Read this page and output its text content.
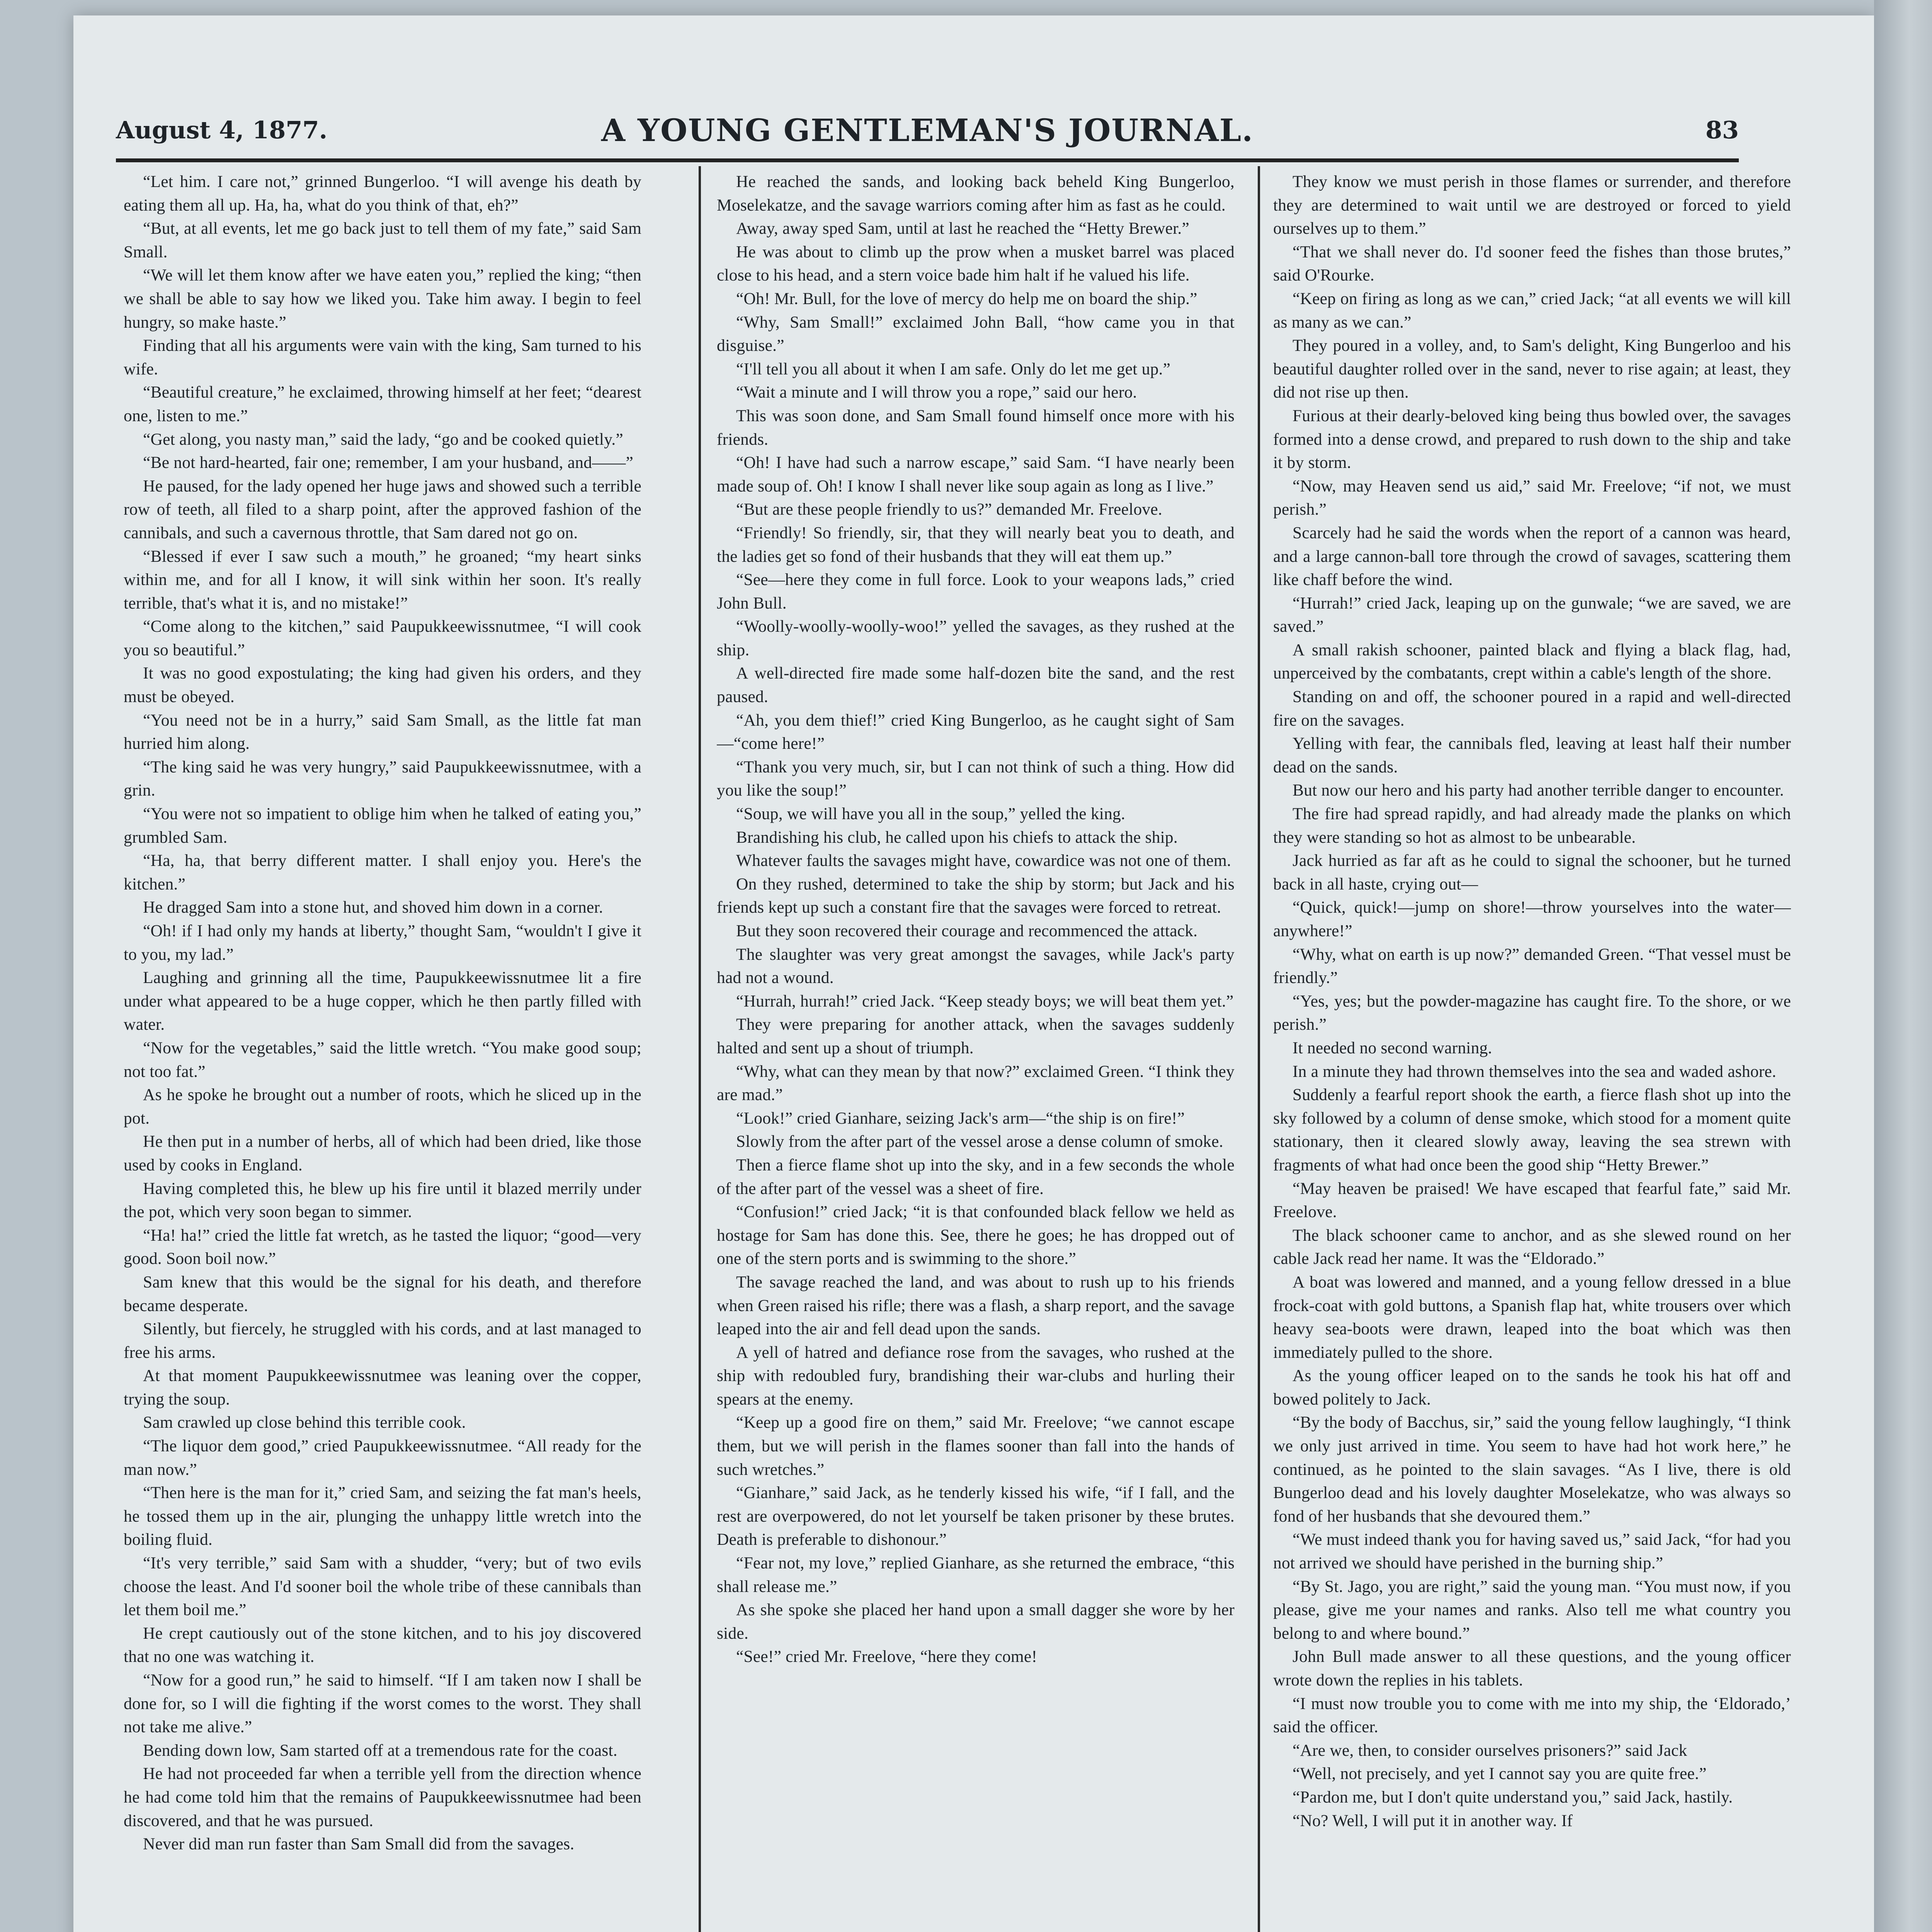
August 4, 1877.	A YOUNG GENTLEMAN'S JOURNAL.	83

“Let him. I care not,” grinned Bungerloo. “I will avenge his death by eating them all up. Ha, ha, what do you think of that, eh?”

“But, at all events, let me go back just to tell them of my fate,” said Sam Small.

“We will let them know after we have eaten you,” replied the king; “then we shall be able to say how we liked you. Take him away. I begin to feel hungry, so make haste.”

Finding that all his arguments were vain with the king, Sam turned to his wife.

“Beautiful creature,” he exclaimed, throwing himself at her feet; “dearest one, listen to me.”

“Get along, you nasty man,” said the lady, “go and be cooked quietly.”

“Be not hard-hearted, fair one; remember, I am your husband, and——”

He paused, for the lady opened her huge jaws and showed such a terrible row of teeth, all filed to a sharp point, after the approved fashion of the cannibals, and such a cavernous throttle, that Sam dared not go on.

“Blessed if ever I saw such a mouth,” he groaned; “my heart sinks within me, and for all I know, it will sink within her soon. It's really terrible, that's what it is, and no mistake!”

“Come along to the kitchen,” said Paupukkeewissnutmee, “I will cook you so beautiful.”

It was no good expostulating; the king had given his orders, and they must be obeyed.

“You need not be in a hurry,” said Sam Small, as the little fat man hurried him along.

“The king said he was very hungry,” said Paupukkeewissnutmee, with a grin.

“You were not so impatient to oblige him when he talked of eating you,” grumbled Sam.

“Ha, ha, that berry different matter. I shall enjoy you. Here's the kitchen.”

He dragged Sam into a stone hut, and shoved him down in a corner.

“Oh! if I had only my hands at liberty,” thought Sam, “wouldn't I give it to you, my lad.”

Laughing and grinning all the time, Paupukkeewissnutmee lit a fire under what appeared to be a huge copper, which he then partly filled with water.

“Now for the vegetables,” said the little wretch. “You make good soup; not too fat.”

As he spoke he brought out a number of roots, which he sliced up in the pot.

He then put in a number of herbs, all of which had been dried, like those used by cooks in England.

Having completed this, he blew up his fire until it blazed merrily under the pot, which very soon began to simmer.

“Ha! ha!” cried the little fat wretch, as he tasted the liquor; “good—very good. Soon boil now.”

Sam knew that this would be the signal for his death, and therefore became desperate.

Silently, but fiercely, he struggled with his cords, and at last managed to free his arms.

At that moment Paupukkeewissnutmee was leaning over the copper, trying the soup.

Sam crawled up close behind this terrible cook.

“The liquor dem good,” cried Paupukkeewissnutmee. “All ready for the man now.”

“Then here is the man for it,” cried Sam, and seizing the fat man's heels, he tossed them up in the air, plunging the unhappy little wretch into the boiling fluid.

“It's very terrible,” said Sam with a shudder, “very; but of two evils choose the least. And I'd sooner boil the whole tribe of these cannibals than let them boil me.”

He crept cautiously out of the stone kitchen, and to his joy discovered that no one was watching it.

“Now for a good run,” he said to himself. “If I am taken now I shall be done for, so I will die fighting if the worst comes to the worst. They shall not take me alive.”

Bending down low, Sam started off at a tremendous rate for the coast.

He had not proceeded far when a terrible yell from the direction whence he had come told him that the remains of Paupukkeewissnutmee had been discovered, and that he was pursued.

Never did man run faster than Sam Small did from the savages.

He reached the sands, and looking back beheld King Bungerloo, Moselekatze, and the savage warriors coming after him as fast as he could.

Away, away sped Sam, until at last he reached the “Hetty Brewer.”

He was about to climb up the prow when a musket barrel was placed close to his head, and a stern voice bade him halt if he valued his life.

“Oh! Mr. Bull, for the love of mercy do help me on board the ship.”

“Why, Sam Small!” exclaimed John Ball, “how came you in that disguise.”

“I'll tell you all about it when I am safe. Only do let me get up.”

“Wait a minute and I will throw you a rope,” said our hero.

This was soon done, and Sam Small found himself once more with his friends.

“Oh! I have had such a narrow escape,” said Sam. “I have nearly been made soup of. Oh! I know I shall never like soup again as long as I live.”

“But are these people friendly to us?” demanded Mr. Freelove.

“Friendly! So friendly, sir, that they will nearly beat you to death, and the ladies get so fond of their husbands that they will eat them up.”

“See—here they come in full force. Look to your weapons lads,” cried John Bull.

“Woolly-woolly-woolly-woo!” yelled the savages, as they rushed at the ship.

A well-directed fire made some half-dozen bite the sand, and the rest paused.

“Ah, you dem thief!” cried King Bungerloo, as he caught sight of Sam—“come here!”

“Thank you very much, sir, but I can not think of such a thing. How did you like the soup!”

“Soup, we will have you all in the soup,” yelled the king.

Brandishing his club, he called upon his chiefs to attack the ship.

Whatever faults the savages might have, cowardice was not one of them.

On they rushed, determined to take the ship by storm; but Jack and his friends kept up such a constant fire that the savages were forced to retreat.

But they soon recovered their courage and recommenced the attack.

The slaughter was very great amongst the savages, while Jack's party had not a wound.

“Hurrah, hurrah!” cried Jack. “Keep steady boys; we will beat them yet.”

They were preparing for another attack, when the savages suddenly halted and sent up a shout of triumph.

“Why, what can they mean by that now?” exclaimed Green. “I think they are mad.”

“Look!” cried Gianhare, seizing Jack's arm—“the ship is on fire!”

Slowly from the after part of the vessel arose a dense column of smoke.

Then a fierce flame shot up into the sky, and in a few seconds the whole of the after part of the vessel was a sheet of fire.

“Confusion!” cried Jack; “it is that confounded black fellow we held as hostage for Sam has done this. See, there he goes; he has dropped out of one of the stern ports and is swimming to the shore.”

The savage reached the land, and was about to rush up to his friends when Green raised his rifle; there was a flash, a sharp report, and the savage leaped into the air and fell dead upon the sands.

A yell of hatred and defiance rose from the savages, who rushed at the ship with redoubled fury, brandishing their war-clubs and hurling their spears at the enemy.

“Keep up a good fire on them,” said Mr. Freelove; “we cannot escape them, but we will perish in the flames sooner than fall into the hands of such wretches.”

“Gianhare,” said Jack, as he tenderly kissed his wife, “if I fall, and the rest are overpowered, do not let yourself be taken prisoner by these brutes. Death is preferable to dishonour.”

“Fear not, my love,” replied Gianhare, as she returned the embrace, “this shall release me.”

As she spoke she placed her hand upon a small dagger she wore by her side.

“See!” cried Mr. Freelove, “here they come!

They know we must perish in those flames or surrender, and therefore they are determined to wait until we are destroyed or forced to yield ourselves up to them.”

“That we shall never do. I'd sooner feed the fishes than those brutes,” said O'Rourke.

“Keep on firing as long as we can,” cried Jack; “at all events we will kill as many as we can.”

They poured in a volley, and, to Sam's delight, King Bungerloo and his beautiful daughter rolled over in the sand, never to rise again; at least, they did not rise up then.

Furious at their dearly-beloved king being thus bowled over, the savages formed into a dense crowd, and prepared to rush down to the ship and take it by storm.

“Now, may Heaven send us aid,” said Mr. Freelove; “if not, we must perish.”

Scarcely had he said the words when the report of a cannon was heard, and a large cannon-ball tore through the crowd of savages, scattering them like chaff before the wind.

“Hurrah!” cried Jack, leaping up on the gunwale; “we are saved, we are saved.”

A small rakish schooner, painted black and flying a black flag, had, unperceived by the combatants, crept within a cable's length of the shore.

Standing on and off, the schooner poured in a rapid and well-directed fire on the savages.

Yelling with fear, the cannibals fled, leaving at least half their number dead on the sands.

But now our hero and his party had another terrible danger to encounter.

The fire had spread rapidly, and had already made the planks on which they were standing so hot as almost to be unbearable.

Jack hurried as far aft as he could to signal the schooner, but he turned back in all haste, crying out—

“Quick, quick!—jump on shore!—throw yourselves into the water—anywhere!”

“Why, what on earth is up now?” demanded Green. “That vessel must be friendly.”

“Yes, yes; but the powder-magazine has caught fire. To the shore, or we perish.”

It needed no second warning.

In a minute they had thrown themselves into the sea and waded ashore.

Suddenly a fearful report shook the earth, a fierce flash shot up into the sky followed by a column of dense smoke, which stood for a moment quite stationary, then it cleared slowly away, leaving the sea strewn with fragments of what had once been the good ship “Hetty Brewer.”

“May heaven be praised! We have escaped that fearful fate,” said Mr. Freelove.

The black schooner came to anchor, and as she slewed round on her cable Jack read her name. It was the “Eldorado.”

A boat was lowered and manned, and a young fellow dressed in a blue frock-coat with gold buttons, a Spanish flap hat, white trousers over which heavy sea-boots were drawn, leaped into the boat which was then immediately pulled to the shore.

As the young officer leaped on to the sands he took his hat off and bowed politely to Jack.

“By the body of Bacchus, sir,” said the young fellow laughingly, “I think we only just arrived in time. You seem to have had hot work here,” he continued, as he pointed to the slain savages. “As I live, there is old Bungerloo dead and his lovely daughter Moselekatze, who was always so fond of her husbands that she devoured them.”

“We must indeed thank you for having saved us,” said Jack, “for had you not arrived we should have perished in the burning ship.”

“By St. Jago, you are right,” said the young man. “You must now, if you please, give me your names and ranks. Also tell me what country you belong to and where bound.”

John Bull made answer to all these questions, and the young officer wrote down the replies in his tablets.

“I must now trouble you to come with me into my ship, the ‘Eldorado,’ said the officer.

“Are we, then, to consider ourselves prisoners?” said Jack

“Well, not precisely, and yet I cannot say you are quite free.”

“Pardon me, but I don't quite understand you,” said Jack, hastily.

“No? Well, I will put it in another way. If
